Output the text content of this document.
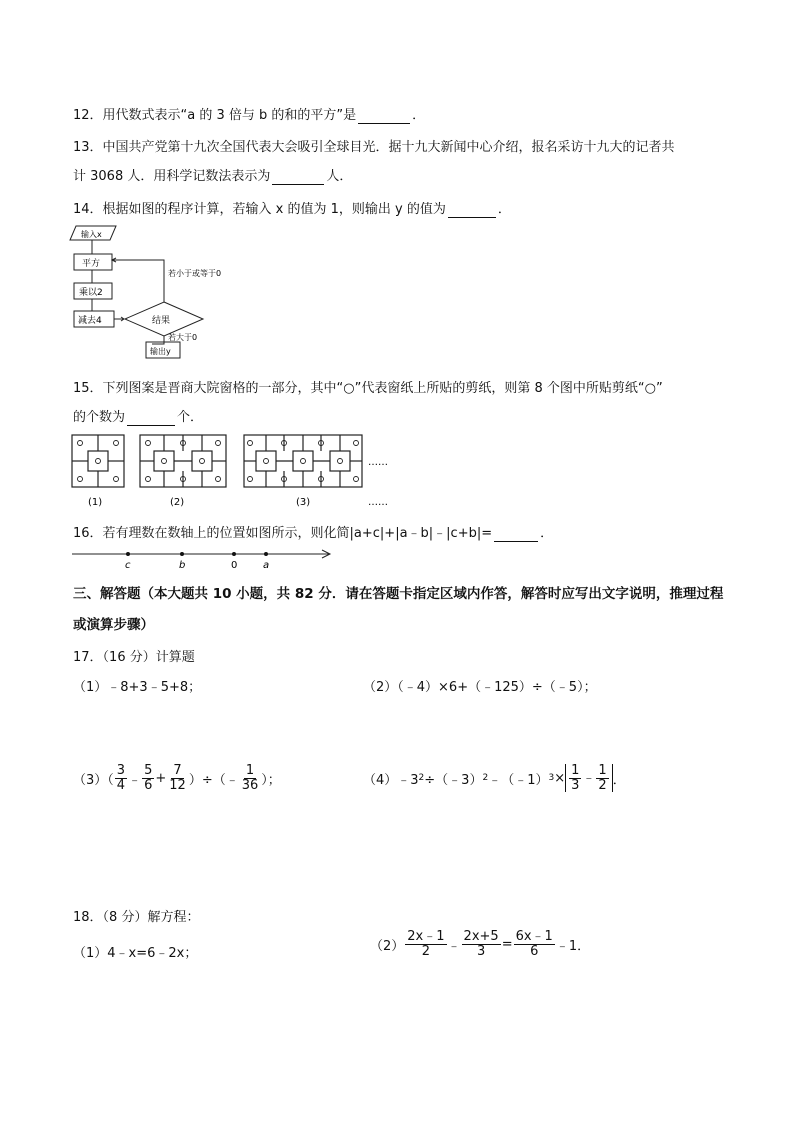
12．用代数式表示“a 的 3 倍与 b 的和的平方”是	．
13．中国共产党第十九次全国代表大会吸引全球目光．据十九大新闻中心介绍，报名采访十九大的记者共
计 3068 人．用科学记数法表示为	人．
14．根据如图的程序计算，若输入 x 的值为 1，则输出 y 的值为	．
输入x
平方
乘以2
减去4	结果
若小于或等于0
若大于0
输出y
15．下列图案是晋商大院窗格的一部分，其中“○”代表窗纸上所贴的剪纸，则第 8 个图中所贴剪纸“○”
的个数为	个．
(1)	(2)	(3)
……
……
16．若有理数在数轴上的位置如图所示，则化简|a+c|+|a﹣b|﹣|c+b|=	．
c	b	0	a
三、解答题（本大题共 10 小题，共 82 分．请在答题卡指定区域内作答，解答时应写出文字说明，推理过程
或演算步骤）
17．（16 分）计算题
（1）﹣8+3﹣5+8；	（2）（﹣4）×6+（﹣125）÷（﹣5）；
$(3)( \frac{3}{4}$ ﹣ $\frac{5}{6} + \frac{7}{12}$ ）÷（﹣ $\frac{1}{36}$ ）；	（4）﹣3 2 ÷（﹣3） 2 ﹣（﹣1） $3 \times \frac{1}{3}$ ﹣ $\frac{1}{2}$ ．
18．（8 分）解方程：
（1）4﹣x=6﹣2x；	$(2) \frac{2x﹣1}{2}$ ﹣ $\frac{2x+5}{3} = \frac{6x﹣1}{6}$ ﹣1．
